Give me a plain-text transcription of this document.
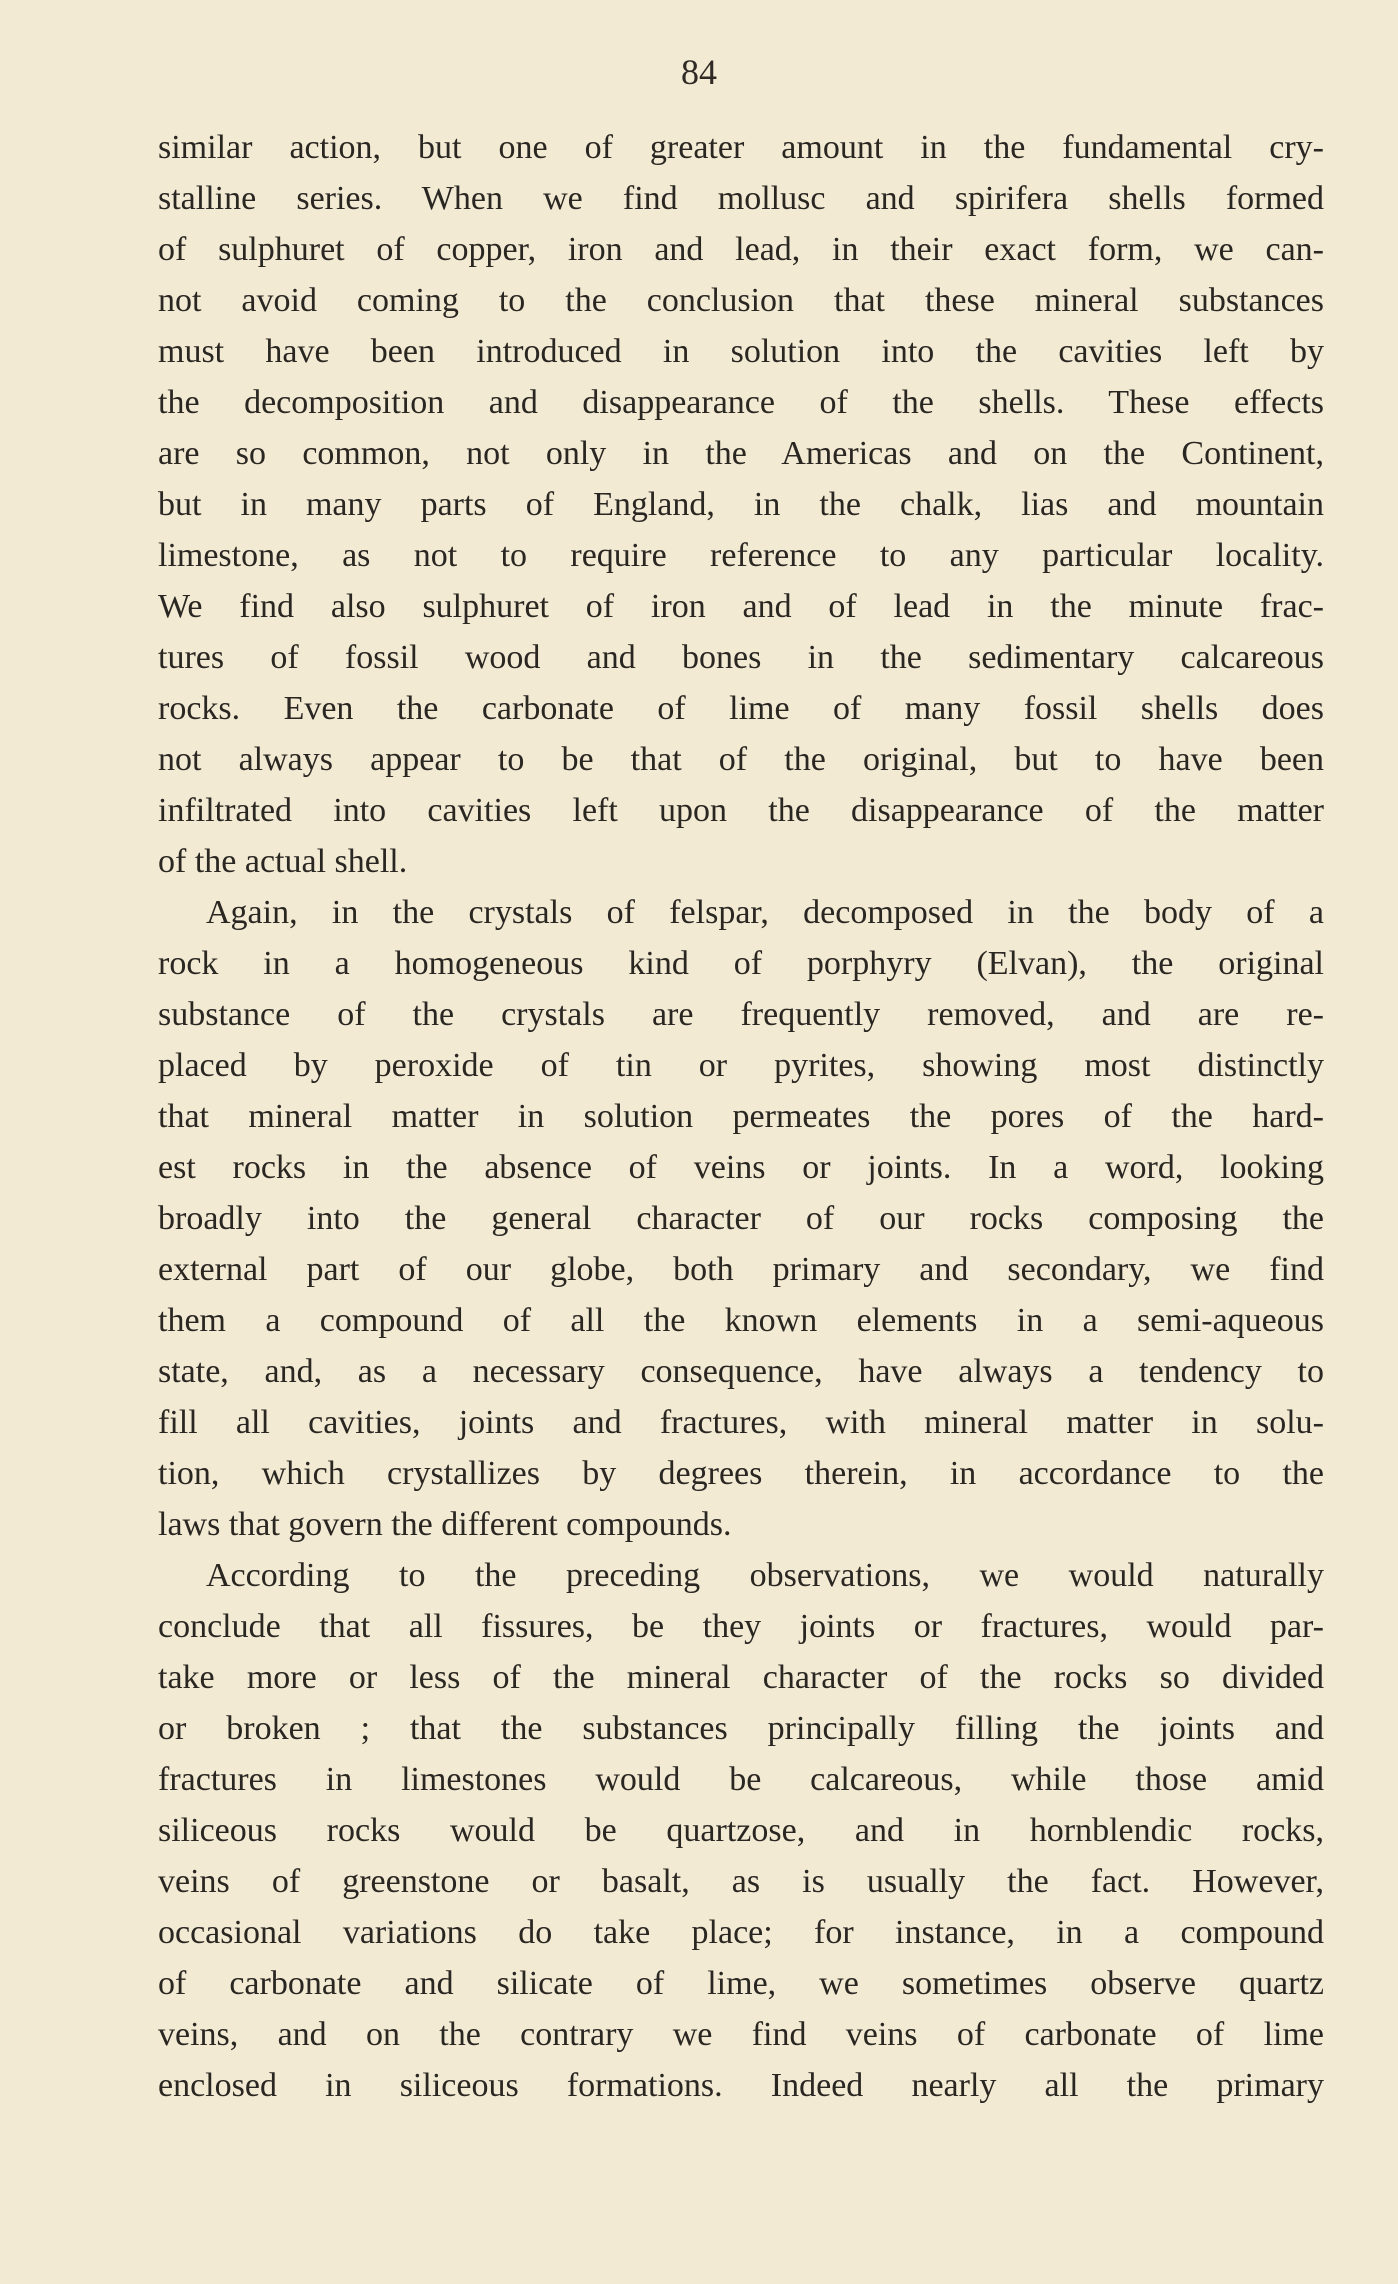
84
similar action, but one of greater amount in the fundamental cry-
stalline series. When we find mollusc and spirifera shells formed
of sulphuret of copper, iron and lead, in their exact form, we can-
not avoid coming to the conclusion that these mineral substances
must have been introduced in solution into the cavities left by
the decomposition and disappearance of the shells. These effects
are so common, not only in the Americas and on the Continent,
but in many parts of England, in the chalk, lias and mountain
limestone, as not to require reference to any particular locality.
We find also sulphuret of iron and of lead in the minute frac-
tures of fossil wood and bones in the sedimentary calcareous
rocks. Even the carbonate of lime of many fossil shells does
not always appear to be that of the original, but to have been
infiltrated into cavities left upon the disappearance of the matter
of the actual shell.
Again, in the crystals of felspar, decomposed in the body of a
rock in a homogeneous kind of porphyry (Elvan), the original
substance of the crystals are frequently removed, and are re-
placed by peroxide of tin or pyrites, showing most distinctly
that mineral matter in solution permeates the pores of the hard-
est rocks in the absence of veins or joints. In a word, looking
broadly into the general character of our rocks composing the
external part of our globe, both primary and secondary, we find
them a compound of all the known elements in a semi-aqueous
state, and, as a necessary consequence, have always a tendency to
fill all cavities, joints and fractures, with mineral matter in solu-
tion, which crystallizes by degrees therein, in accordance to the
laws that govern the different compounds.
According to the preceding observations, we would naturally
conclude that all fissures, be they joints or fractures, would par-
take more or less of the mineral character of the rocks so divided
or broken ; that the substances principally filling the joints and
fractures in limestones would be calcareous, while those amid
siliceous rocks would be quartzose, and in hornblendic rocks,
veins of greenstone or basalt, as is usually the fact. However,
occasional variations do take place; for instance, in a compound
of carbonate and silicate of lime, we sometimes observe quartz
veins, and on the contrary we find veins of carbonate of lime
enclosed in siliceous formations. Indeed nearly all the primary
